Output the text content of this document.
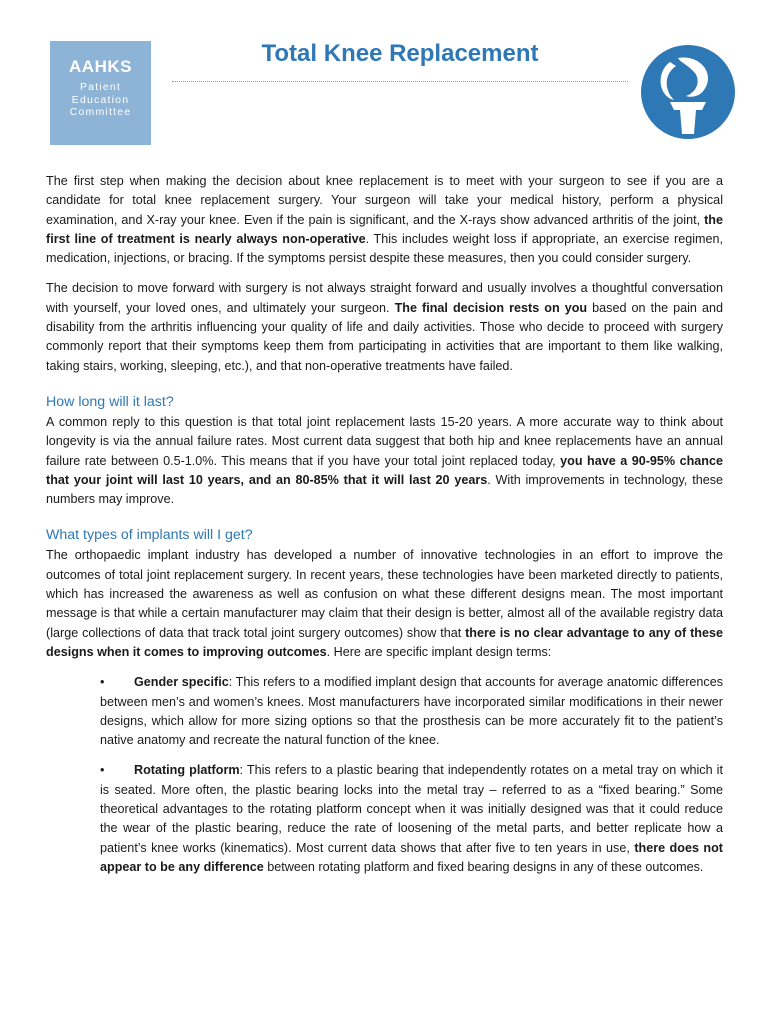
AAHKS
Patient
Education
Committee
Total Knee Replacement

The first step when making the decision about knee replacement is to meet with your surgeon to see if you are a candidate for total knee replacement surgery. Your surgeon will take your medical history, perform a physical examination, and X-ray your knee. Even if the pain is significant, and the X-rays show advanced arthritis of the joint, the first line of treatment is nearly always non-operative. This includes weight loss if appropriate, an exercise regimen, medication, injections, or bracing. If the symptoms persist despite these measures, then you could consider surgery.

The decision to move forward with surgery is not always straight forward and usually involves a thoughtful conversation with yourself, your loved ones, and ultimately your surgeon. The final decision rests on you based on the pain and disability from the arthritis influencing your quality of life and daily activities. Those who decide to proceed with surgery commonly report that their symptoms keep them from participating in activities that are important to them like walking, taking stairs, working, sleeping, etc.), and that non-operative treatments have failed.

How long will it last?

A common reply to this question is that total joint replacement lasts 15-20 years. A more accurate way to think about longevity is via the annual failure rates. Most current data suggest that both hip and knee replacements have an annual failure rate between 0.5-1.0%. This means that if you have your total joint replaced today, you have a 90-95% chance that your joint will last 10 years, and an 80-85% that it will last 20 years. With improvements in technology, these numbers may improve.

What types of implants will I get?

The orthopaedic implant industry has developed a number of innovative technologies in an effort to improve the outcomes of total joint replacement surgery. In recent years, these technologies have been marketed directly to patients, which has increased the awareness as well as confusion on what these different designs mean. The most important message is that while a certain manufacturer may claim that their design is better, almost all of the available registry data (large collections of data that track total joint surgery outcomes) show that there is no clear advantage to any of these designs when it comes to improving outcomes. Here are specific implant design terms:

• Gender specific: This refers to a modified implant design that accounts for average anatomic differences between men’s and women’s knees. Most manufacturers have incorporated similar modifications in their newer designs, which allow for more sizing options so that the prosthesis can be more accurately fit to the patient’s native anatomy and recreate the natural function of the knee.
• Rotating platform: This refers to a plastic bearing that independently rotates on a metal tray on which it is seated. More often, the plastic bearing locks into the metal tray – referred to as a “fixed bearing.” Some theoretical advantages to the rotating platform concept when it was initially designed was that it could reduce the wear of the plastic bearing, reduce the rate of loosening of the metal parts, and better replicate how a patient’s knee works (kinematics). Most current data shows that after five to ten years in use, there does not appear to be any difference between rotating platform and fixed bearing designs in any of these outcomes.
